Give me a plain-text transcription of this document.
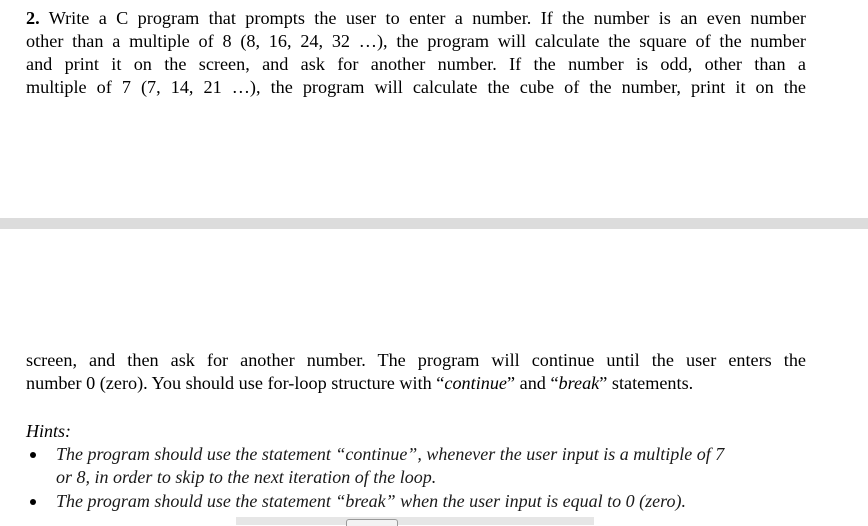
2. Write a C program that prompts the user to enter a number. If the number is an even number
other than a multiple of 8 (8, 16, 24, 32 …), the program will calculate the square of the number
and print it on the screen, and ask for another number. If the number is odd, other than a
multiple of 7 (7, 14, 21 …), the program will calculate the cube of the number, print it on the
screen, and then ask for another number. The program will continue until the user enters the
number 0 (zero). You should use for-loop structure with “continue” and “break” statements.
Hints:
The program should use the statement “continue”, whenever the user input is a multiple of 7
or 8, in order to skip to the next iteration of the loop.
The program should use the statement “break” when the user input is equal to 0 (zero).
